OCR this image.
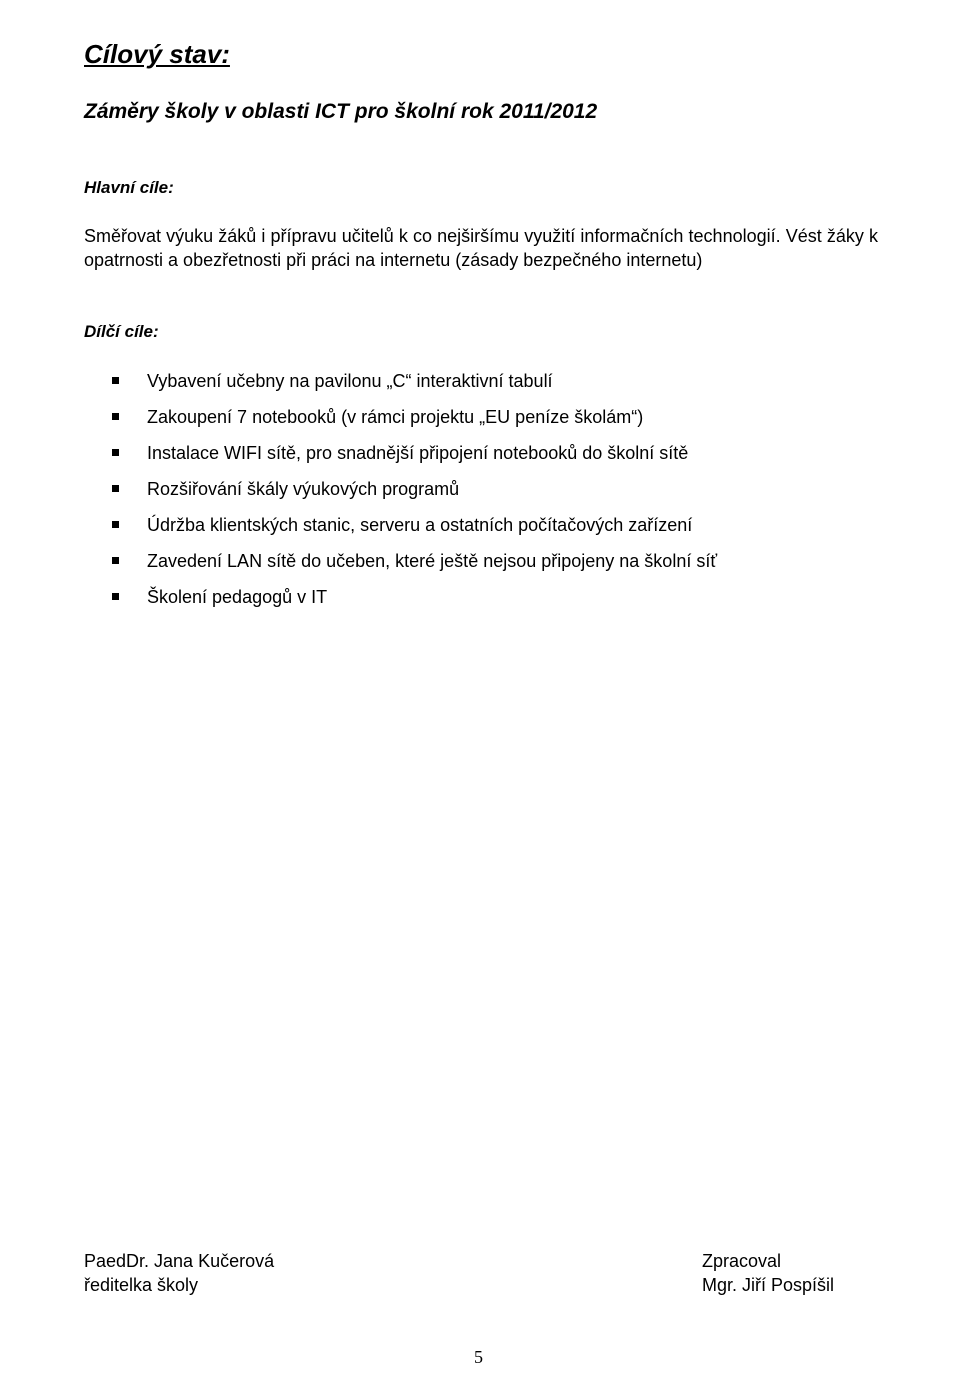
Cílový stav:
Záměry školy v oblasti ICT pro školní rok 2011/2012
Hlavní cíle:
Směřovat výuku žáků i přípravu učitelů k co nejširšímu využití informačních technologií. Vést žáky k opatrnosti a obezřetnosti při práci na internetu (zásady bezpečného internetu)
Dílčí cíle:
Vybavení učebny na pavilonu „C“ interaktivní tabulí
Zakoupení 7 notebooků (v rámci projektu „EU peníze školám“)
Instalace WIFI sítě, pro snadnější připojení notebooků do školní sítě
Rozšiřování škály výukových programů
Údržba klientských stanic, serveru a ostatních počítačových zařízení
Zavedení LAN sítě do učeben, které ještě nejsou připojeny na školní síť
Školení pedagogů v IT
PaedDr. Jana Kučerová
ředitelka školy
Zpracoval
Mgr. Jiří Pospíšil
5
